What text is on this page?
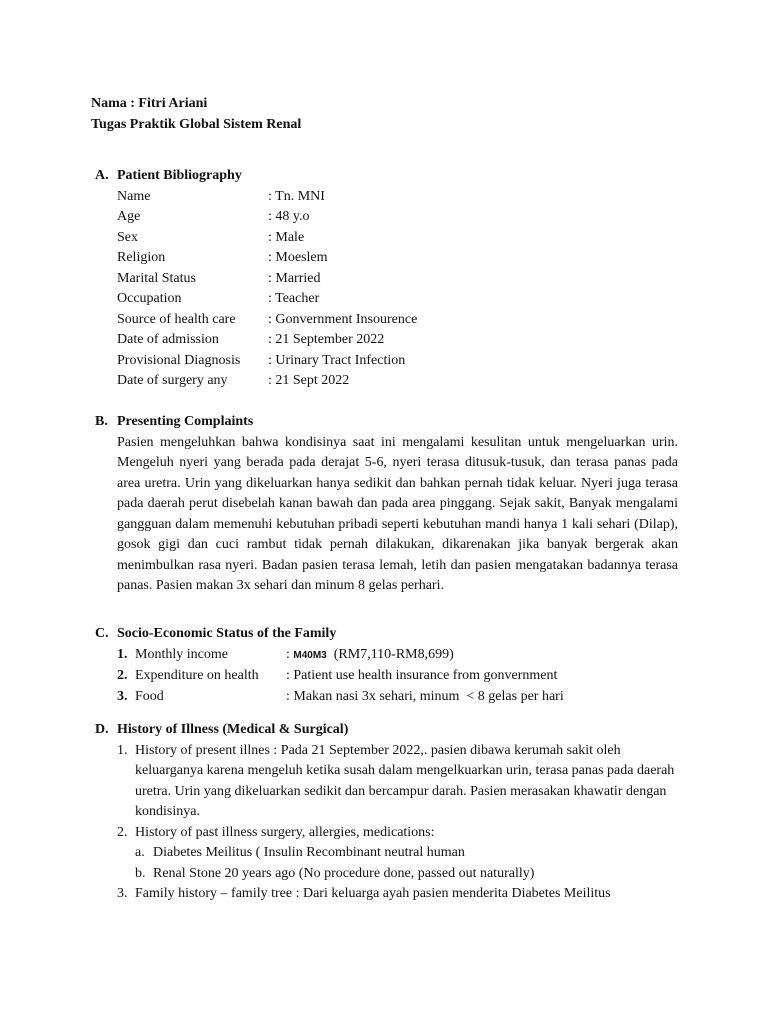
Nama : Fitri Ariani
Tugas Praktik Global Sistem Renal
A. Patient Bibliography
Name	: Tn. MNI
Age	: 48 y.o
Sex	: Male
Religion	: Moeslem
Marital Status	: Married
Occupation	: Teacher
Source of health care	: Gonvernment Insourence
Date of admission	: 21 September 2022
Provisional Diagnosis	: Urinary Tract Infection
Date of surgery any	: 21 Sept 2022
B. Presenting Complaints
Pasien mengeluhkan bahwa kondisinya saat ini mengalami kesulitan untuk mengeluarkan urin. Mengeluh nyeri yang berada pada derajat 5-6, nyeri terasa ditusuk-tusuk, dan terasa panas pada area uretra. Urin yang dikeluarkan hanya sedikit dan bahkan pernah tidak keluar. Nyeri juga terasa pada daerah perut disebelah kanan bawah dan pada area pinggang. Sejak sakit, Banyak mengalami gangguan dalam memenuhi kebutuhan pribadi seperti kebutuhan mandi hanya 1 kali sehari (Dilap), gosok gigi dan cuci rambut tidak pernah dilakukan, dikarenakan jika banyak bergerak akan menimbulkan rasa nyeri. Badan pasien terasa lemah, letih dan pasien mengatakan badannya terasa panas. Pasien makan 3x sehari dan minum 8 gelas perhari.
C. Socio-Economic Status of the Family
1. Monthly income	: M40M3  (RM7,110-RM8,699)
2. Expenditure on health	: Patient use health insurance from gonvernment
3. Food	: Makan nasi 3x sehari, minum  < 8 gelas per hari
D. History of Illness (Medical & Surgical)
1. History of present illnes : Pada 21 September 2022,. pasien dibawa kerumah sakit oleh keluarganya karena mengeluh ketika susah dalam mengelkuarkan urin, terasa panas pada daerah uretra. Urin yang dikeluarkan sedikit dan bercampur darah. Pasien merasakan khawatir dengan kondisinya.
2. History of past illness surgery, allergies, medications:
a. Diabetes Meilitus ( Insulin Recombinant neutral human
b. Renal Stone 20 years ago (No procedure done, passed out naturally)
3. Family history – family tree : Dari keluarga ayah pasien menderita Diabetes Meilitus
